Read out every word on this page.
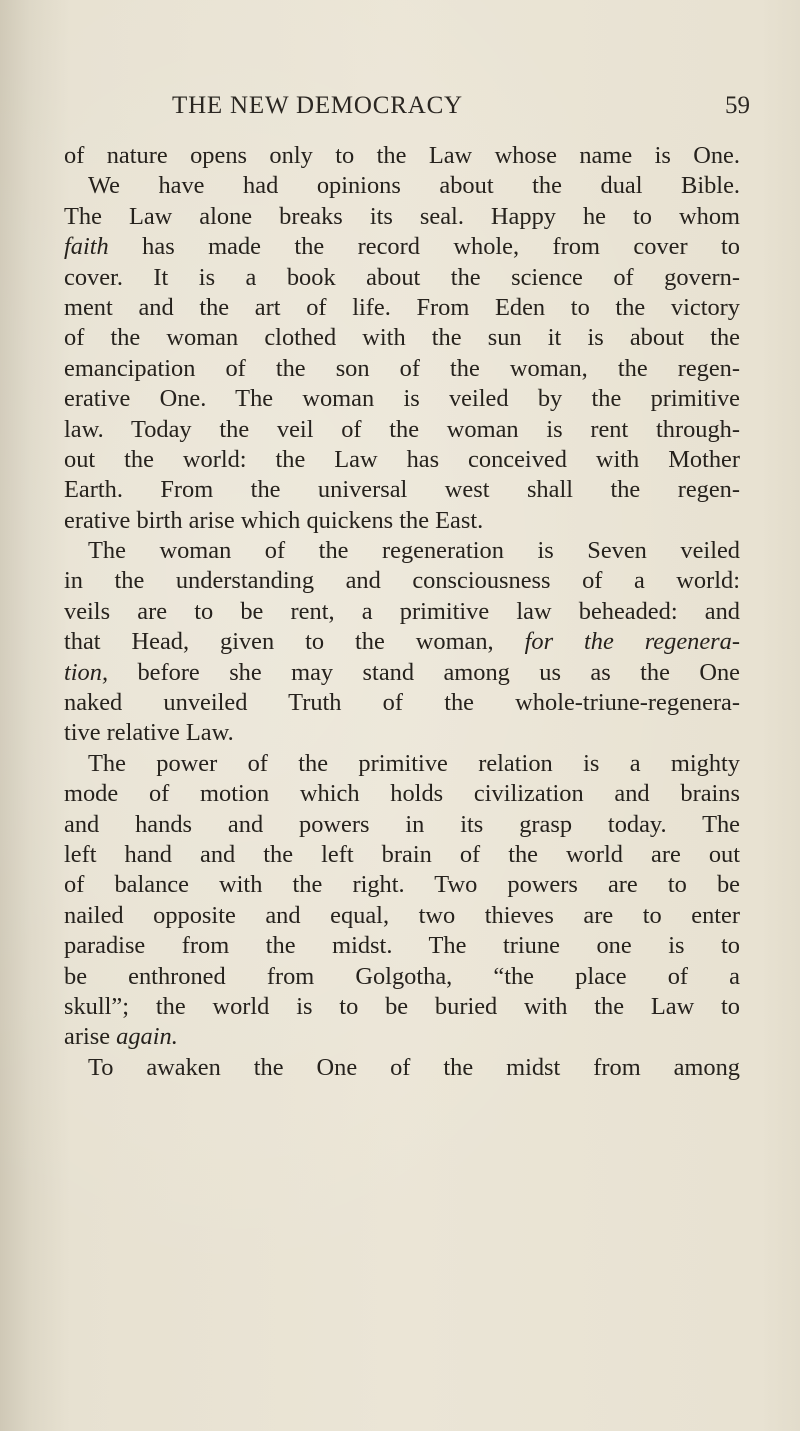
THE NEW DEMOCRACY	59
of nature opens only to the Law whose name is One.
We have had opinions about the dual Bible.
The Law alone breaks its seal. Happy he to whom
faith has made the record whole, from cover to
cover. It is a book about the science of govern-
ment and the art of life. From Eden to the victory
of the woman clothed with the sun it is about the
emancipation of the son of the woman, the regen-
erative One. The woman is veiled by the primitive
law. Today the veil of the woman is rent through-
out the world: the Law has conceived with Mother
Earth. From the universal west shall the regen-
erative birth arise which quickens the East.
The woman of the regeneration is Seven veiled
in the understanding and consciousness of a world:
veils are to be rent, a primitive law beheaded: and
that Head, given to the woman, for the regenera-
tion, before she may stand among us as the One
naked unveiled Truth of the whole-triune-regenera-
tive relative Law.
The power of the primitive relation is a mighty
mode of motion which holds civilization and brains
and hands and powers in its grasp today. The
left hand and the left brain of the world are out
of balance with the right. Two powers are to be
nailed opposite and equal, two thieves are to enter
paradise from the midst. The triune one is to
be enthroned from Golgotha, “the place of a
skull”; the world is to be buried with the Law to
arise again.
To awaken the One of the midst from among
